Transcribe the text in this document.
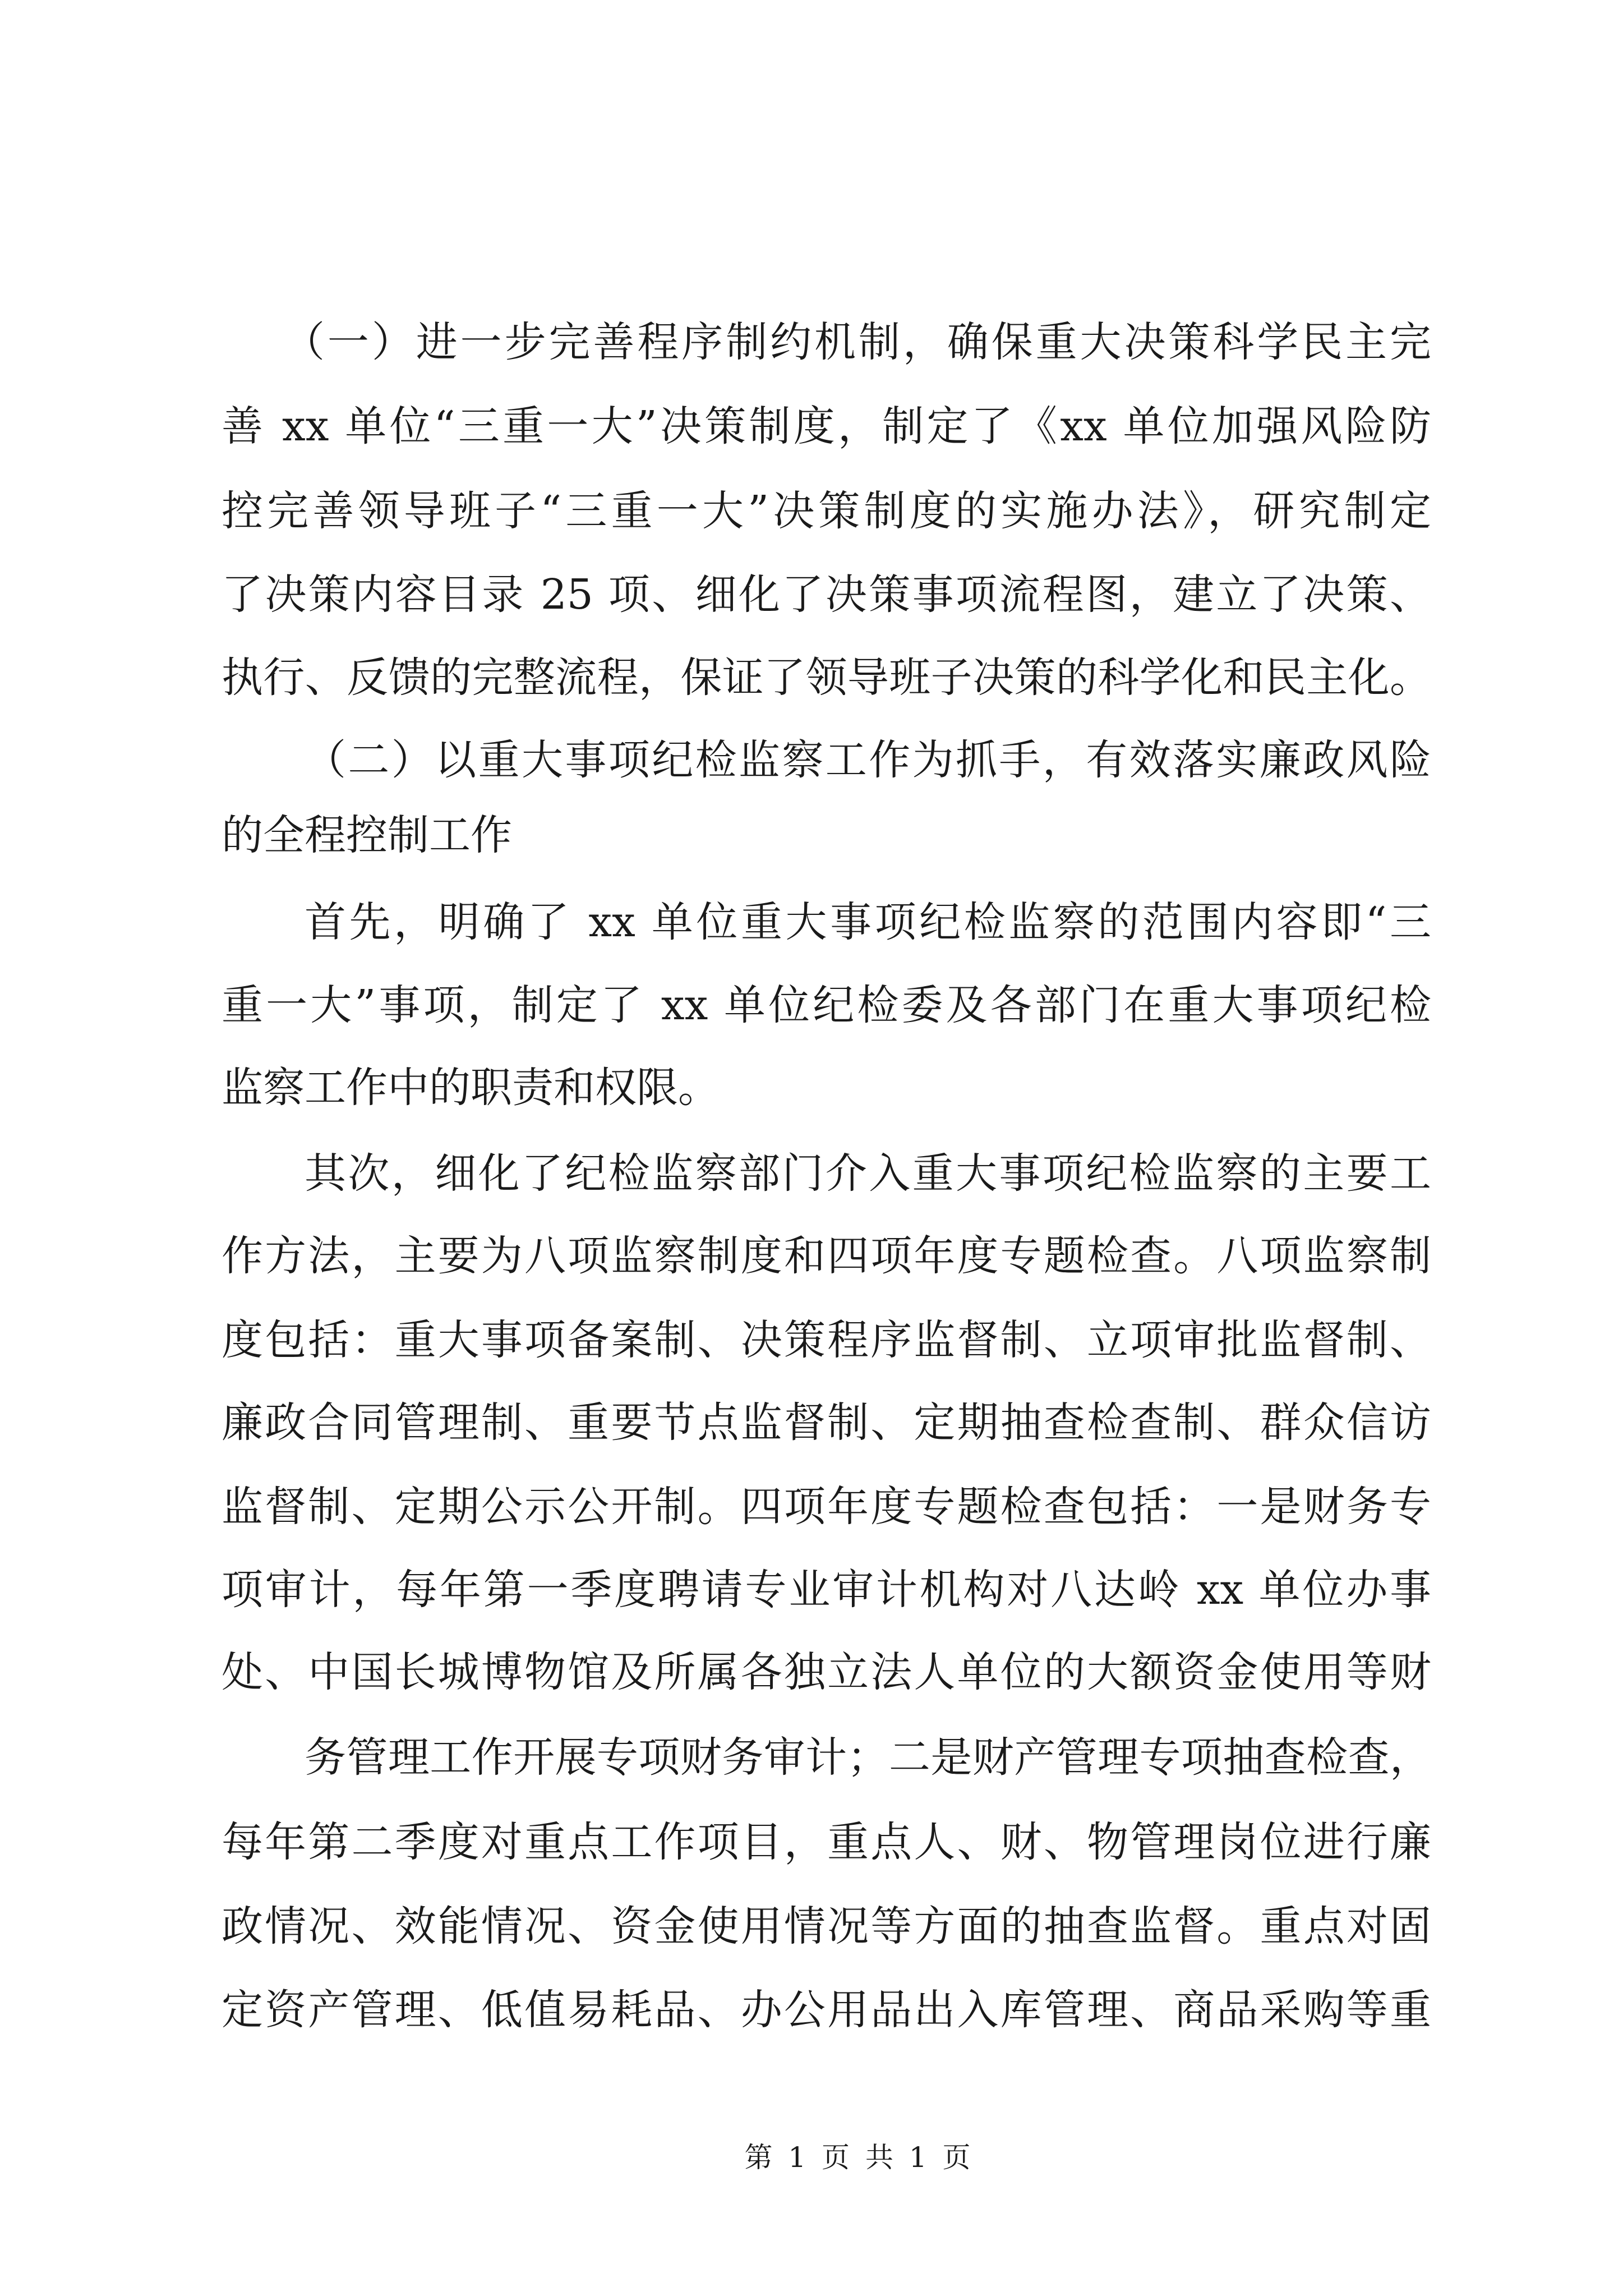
（一）进一步完善程序制约机制，确保重大决策科学民主完
善 xx 单位“三重一大”决策制度，制定了《xx 单位加强风险防
控完善领导班子“三重一大”决策制度的实施办法》，研究制定
了决策内容目录 25 项、细化了决策事项流程图，建立了决策、
执行、反馈的完整流程，保证了领导班子决策的科学化和民主化。
（二）以重大事项纪检监察工作为抓手，有效落实廉政风险
的全程控制工作
首先，明确了 xx 单位重大事项纪检监察的范围内容即“三
重一大”事项，制定了 xx 单位纪检委及各部门在重大事项纪检
监察工作中的职责和权限。
其次，细化了纪检监察部门介入重大事项纪检监察的主要工
作方法，主要为八项监察制度和四项年度专题检查。八项监察制
度包括：重大事项备案制、决策程序监督制、立项审批监督制、
廉政合同管理制、重要节点监督制、定期抽查检查制、群众信访
监督制、定期公示公开制。四项年度专题检查包括：一是财务专
项审计，每年第一季度聘请专业审计机构对八达岭 xx 单位办事
处、中国长城博物馆及所属各独立法人单位的大额资金使用等财
务管理工作开展专项财务审计；二是财产管理专项抽查检查，
每年第二季度对重点工作项目，重点人、财、物管理岗位进行廉
政情况、效能情况、资金使用情况等方面的抽查监督。重点对固
定资产管理、低值易耗品、办公用品出入库管理、商品采购等重
第 1 页 共 1 页
